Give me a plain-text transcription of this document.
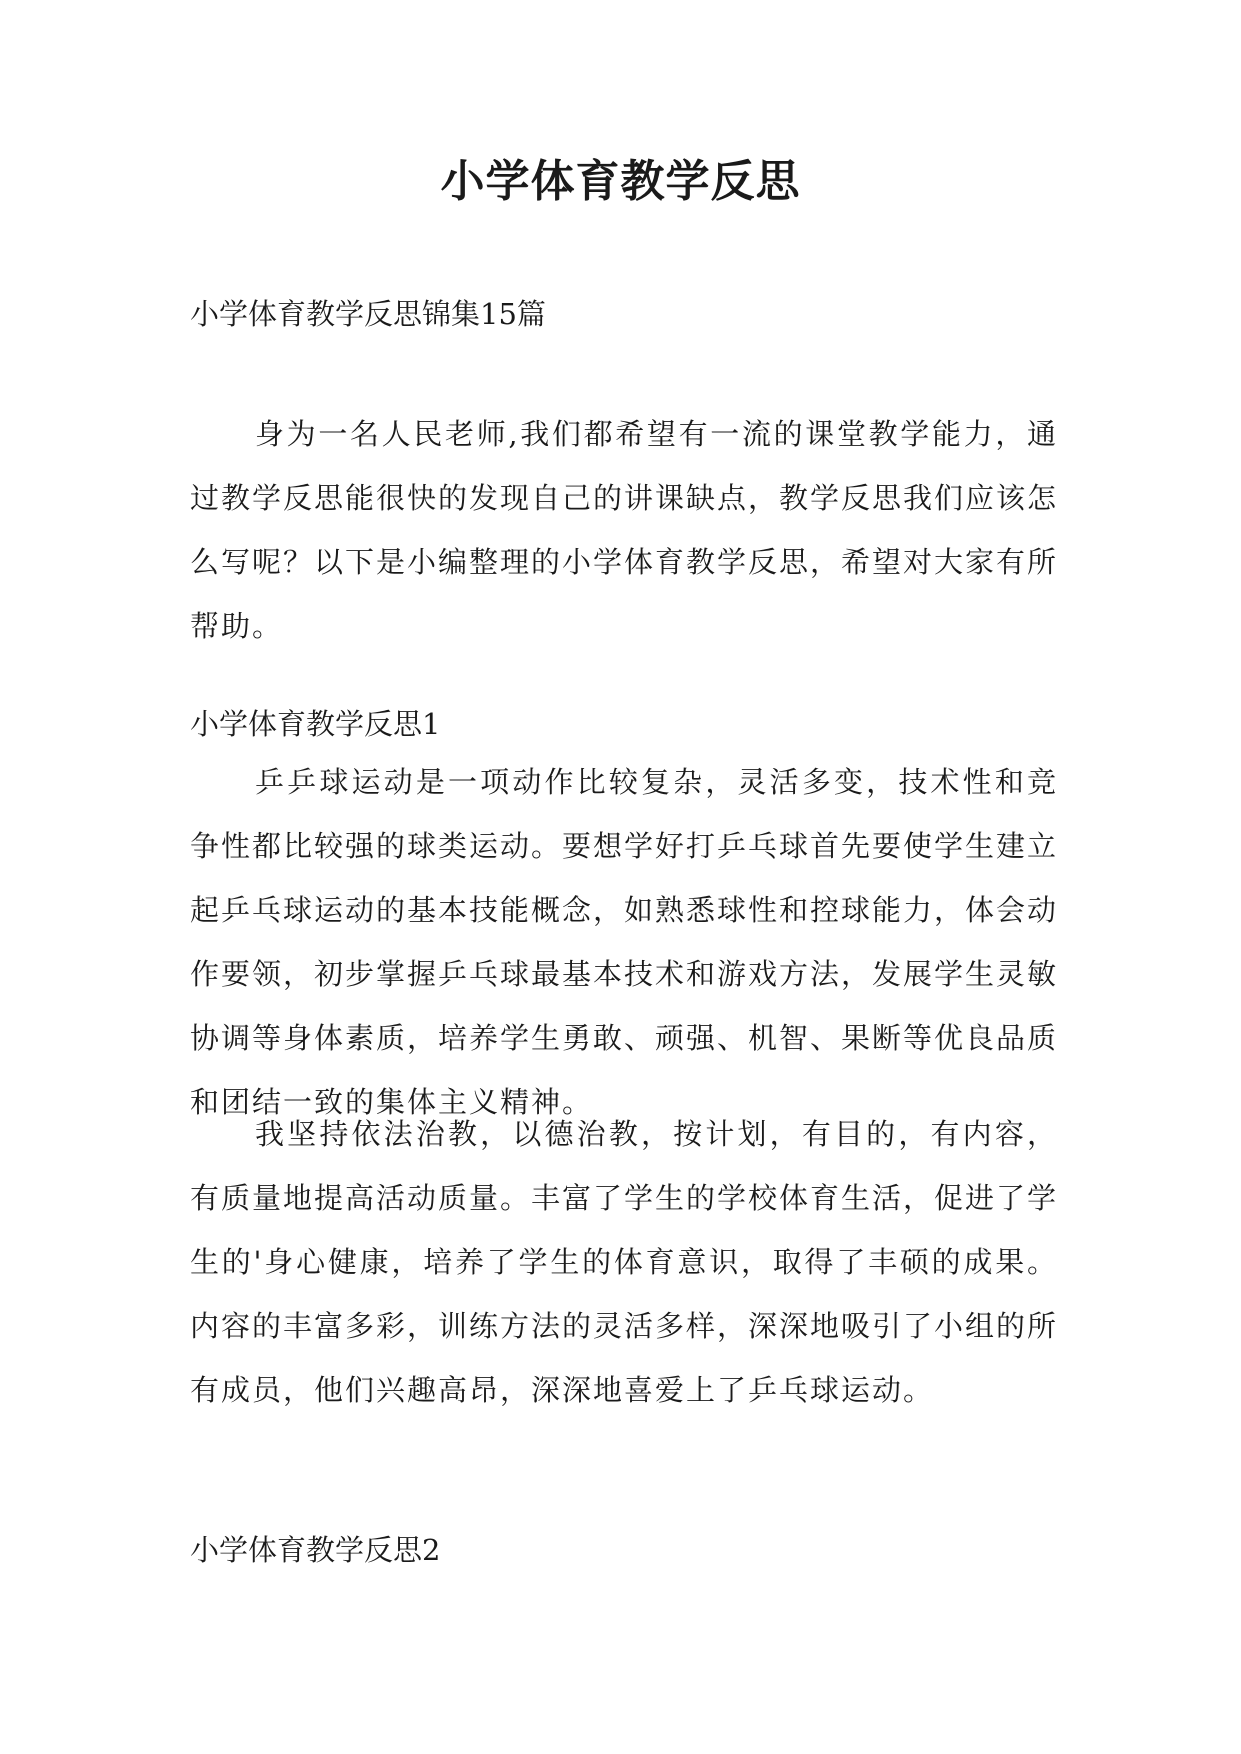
小学体育教学反思

小学体育教学反思锦集15篇

身为一名人民老师,我们都希望有一流的课堂教学能力，通过教学反思能很快的发现自己的讲课缺点，教学反思我们应该怎么写呢？以下是小编整理的小学体育教学反思，希望对大家有所帮助。

小学体育教学反思1

乒乒球运动是一项动作比较复杂，灵活多变，技术性和竞争性都比较强的球类运动。要想学好打乒乓球首先要使学生建立起乒乓球运动的基本技能概念，如熟悉球性和控球能力，体会动作要领，初步掌握乒乓球最基本技术和游戏方法，发展学生灵敏协调等身体素质，培养学生勇敢、顽强、机智、果断等优良品质和团结一致的集体主义精神。

我坚持依法治教，以德治教，按计划，有目的，有内容，有质量地提高活动质量。丰富了学生的学校体育生活，促进了学生的'身心健康，培养了学生的体育意识，取得了丰硕的成果。内容的丰富多彩，训练方法的灵活多样，深深地吸引了小组的所有成员，他们兴趣高昂，深深地喜爱上了乒乓球运动。

小学体育教学反思2
